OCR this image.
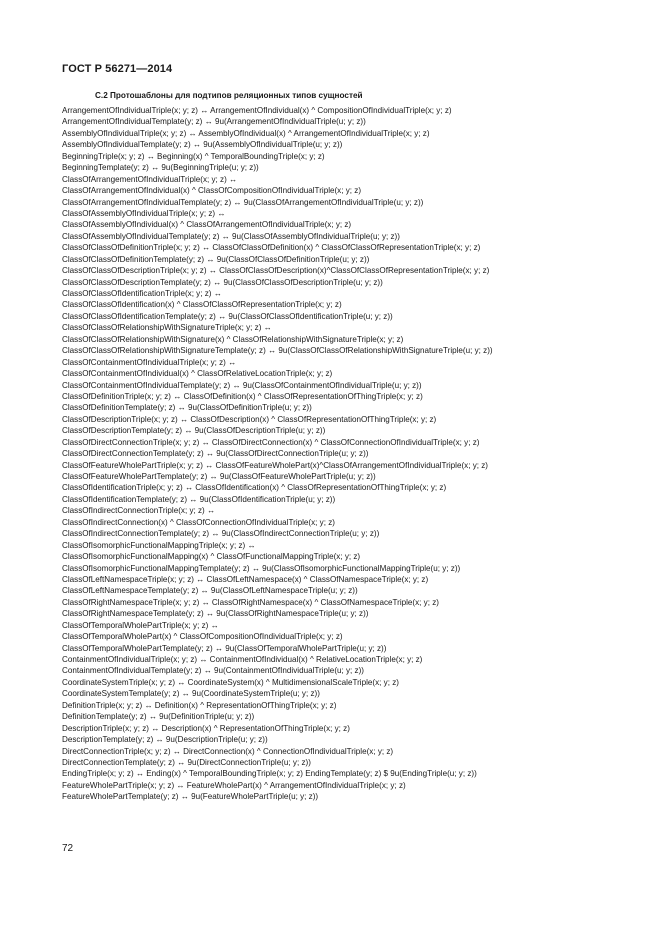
ГОСТ Р 56271—2014
С.2 Протошаблоны для подтипов реляционных типов сущностей
ArrangementOfIndividualTriple(x; y; z) ↔ ArrangementOfIndividual(x) ^ CompositionOfIndividualTriple(x; y; z)
ArrangementOfIndividualTemplate(y; z) ↔ 9u(ArrangementOfIndividualTriple(u; y; z))
AssemblyOfIndividualTriple(x; y; z) ↔ AssemblyOfIndividual(x) ^ ArrangementOfIndividualTriple(x; y; z)
AssemblyOfIndividualTemplate(y; z) ↔ 9u(AssemblyOfIndividualTriple(u; y; z))
BeginningTriple(x; y; z) ↔ Beginning(x) ^ TemporalBoundingTriple(x; y; z)
BeginningTemplate(y; z) ↔ 9u(BeginningTriple(u; y; z))
ClassOfArrangementOfIndividualTriple(x; y; z) ↔
ClassOfArrangementOfIndividual(x) ^ ClassOfCompositionOfIndividualTriple(x; y; z)
ClassOfArrangementOfIndividualTemplate(y; z) ↔ 9u(ClassOfArrangementOfIndividualTriple(u; y; z))
ClassOfAssemblyOfIndividualTriple(x; y; z) ↔
ClassOfAssemblyOfIndividual(x) ^ ClassOfArrangementOfIndividualTriple(x; y; z)
ClassOfAssemblyOfIndividualTemplate(y; z) ↔ 9u(ClassOfAssemblyOfIndividualTriple(u; y; z))
ClassOfClassOfDefinitionTriple(x; y; z) ↔ ClassOfClassOfDefinition(x) ^ ClassOfClassOfRepresentationTriple(x; y; z)
ClassOfClassOfDefinitionTemplate(y; z) ↔ 9u(ClassOfClassOfDefinitionTriple(u; y; z))
ClassOfClassOfDescriptionTriple(x; y; z) ↔ ClassOfClassOfDescription(x)^ClassOfClassOfRepresentationTriple(x; y; z)
ClassOfClassOfDescriptionTemplate(y; z) ↔ 9u(ClassOfClassOfDescriptionTriple(u; y; z))
ClassOfClassOfIdentificationTriple(x; y; z) ↔
ClassOfClassOfIdentification(x) ^ ClassOfClassOfRepresentationTriple(x; y; z)
ClassOfClassOfIdentificationTemplate(y; z) ↔ 9u(ClassOfClassOfIdentificationTriple(u; y; z))
ClassOfClassOfRelationshipWithSignatureTriple(x; y; z) ↔
ClassOfClassOfRelationshipWithSignature(x) ^ ClassOfRelationshipWithSignatureTriple(x; y; z)
ClassOfClassOfRelationshipWithSignatureTemplate(y; z) ↔ 9u(ClassOfClassOfRelationshipWithSignatureTriple(u; y; z))
ClassOfContainmentOfIndividualTriple(x; y; z) ↔
ClassOfContainmentOfIndividual(x) ^ ClassOfRelativeLocationTriple(x; y; z)
ClassOfContainmentOfIndividualTemplate(y; z) ↔ 9u(ClassOfContainmentOfIndividualTriple(u; y; z))
ClassOfDefinitionTriple(x; y; z) ↔ ClassOfDefinition(x) ^ ClassOfRepresentationOfThingTriple(x; y; z)
ClassOfDefinitionTemplate(y; z) ↔ 9u(ClassOfDefinitionTriple(u; y; z))
ClassOfDescriptionTriple(x; y; z) ↔ ClassOfDescription(x) ^ ClassOfRepresentationOfThingTriple(x; y; z)
ClassOfDescriptionTemplate(y; z) ↔ 9u(ClassOfDescriptionTriple(u; y; z))
ClassOfDirectConnectionTriple(x; y; z) ↔ ClassOfDirectConnection(x) ^ ClassOfConnectionOfIndividualTriple(x; y; z)
ClassOfDirectConnectionTemplate(y; z) ↔ 9u(ClassOfDirectConnectionTriple(u; y; z))
ClassOfFeatureWholePartTriple(x; y; z) ↔ ClassOfFeatureWholePart(x)^ClassOfArrangementOfIndividualTriple(x; y; z)
ClassOfFeatureWholePartTemplate(y; z) ↔ 9u(ClassOfFeatureWholePartTriple(u; y; z))
ClassOfIdentificationTriple(x; y; z) ↔ ClassOfIdentification(x) ^ ClassOfRepresentationOfThingTriple(x; y; z)
ClassOfIdentificationTemplate(y; z) ↔ 9u(ClassOfIdentificationTriple(u; y; z))
ClassOfIndirectConnectionTriple(x; y; z) ↔
ClassOfIndirectConnection(x) ^ ClassOfConnectionOfIndividualTriple(x; y; z)
ClassOfIndirectConnectionTemplate(y; z) ↔ 9u(ClassOfIndirectConnectionTriple(u; y; z))
ClassOfIsomorphicFunctionalMappingTriple(x; y; z) ↔
ClassOfIsomorphicFunctionalMapping(x) ^ ClassOfFunctionalMappingTriple(x; y; z)
ClassOfIsomorphicFunctionalMappingTemplate(y; z) ↔ 9u(ClassOfIsomorphicFunctionalMappingTriple(u; y; z))
ClassOfLeftNamespaceTriple(x; y; z) ↔ ClassOfLeftNamespace(x) ^ ClassOfNamespaceTriple(x; y; z)
ClassOfLeftNamespaceTemplate(y; z) ↔ 9u(ClassOfLeftNamespaceTriple(u; y; z))
ClassOfRightNamespaceTriple(x; y; z) ↔ ClassOfRightNamespace(x) ^ ClassOfNamespaceTriple(x; y; z)
ClassOfRightNamespaceTemplate(y; z) ↔ 9u(ClassOfRightNamespaceTriple(u; y; z))
ClassOfTemporalWholePartTriple(x; y; z) ↔
ClassOfTemporalWholePart(x) ^ ClassOfCompositionOfIndividualTriple(x; y; z)
ClassOfTemporalWholePartTemplate(y; z) ↔ 9u(ClassOfTemporalWholePartTriple(u; y; z))
ContainmentOfIndividualTriple(x; y; z) ↔ ContainmentOfIndividual(x) ^ RelativeLocationTriple(x; y; z)
ContainmentOfIndividualTemplate(y; z) ↔ 9u(ContainmentOfIndividualTriple(u; y; z))
CoordinateSystemTriple(x; y; z) ↔ CoordinateSystem(x) ^ MultidimensionalScaleTriple(x; y; z)
CoordinateSystemTemplate(y; z) ↔ 9u(CoordinateSystemTriple(u; y; z))
DefinitionTriple(x; y; z) ↔ Definition(x) ^ RepresentationOfThingTriple(x; y; z)
DefinitionTemplate(y; z) ↔ 9u(DefinitionTriple(u; y; z))
DescriptionTriple(x; y; z) ↔ Description(x) ^ RepresentationOfThingTriple(x; y; z)
DescriptionTemplate(y; z) ↔ 9u(DescriptionTriple(u; y; z))
DirectConnectionTriple(x; y; z) ↔ DirectConnection(x) ^ ConnectionOfIndividualTriple(x; y; z)
DirectConnectionTemplate(y; z) ↔ 9u(DirectConnectionTriple(u; y; z))
EndingTriple(x; y; z) ↔ Ending(x) ^ TemporalBoundingTriple(x; y; z) EndingTemplate(y; z) $ 9u(EndingTriple(u; y; z))
FeatureWholePartTriple(x; y; z) ↔ FeatureWholePart(x) ^ ArrangementOfIndividualTriple(x; y; z)
FeatureWholePartTemplate(y; z) ↔ 9u(FeatureWholePartTriple(u; y; z))
72
